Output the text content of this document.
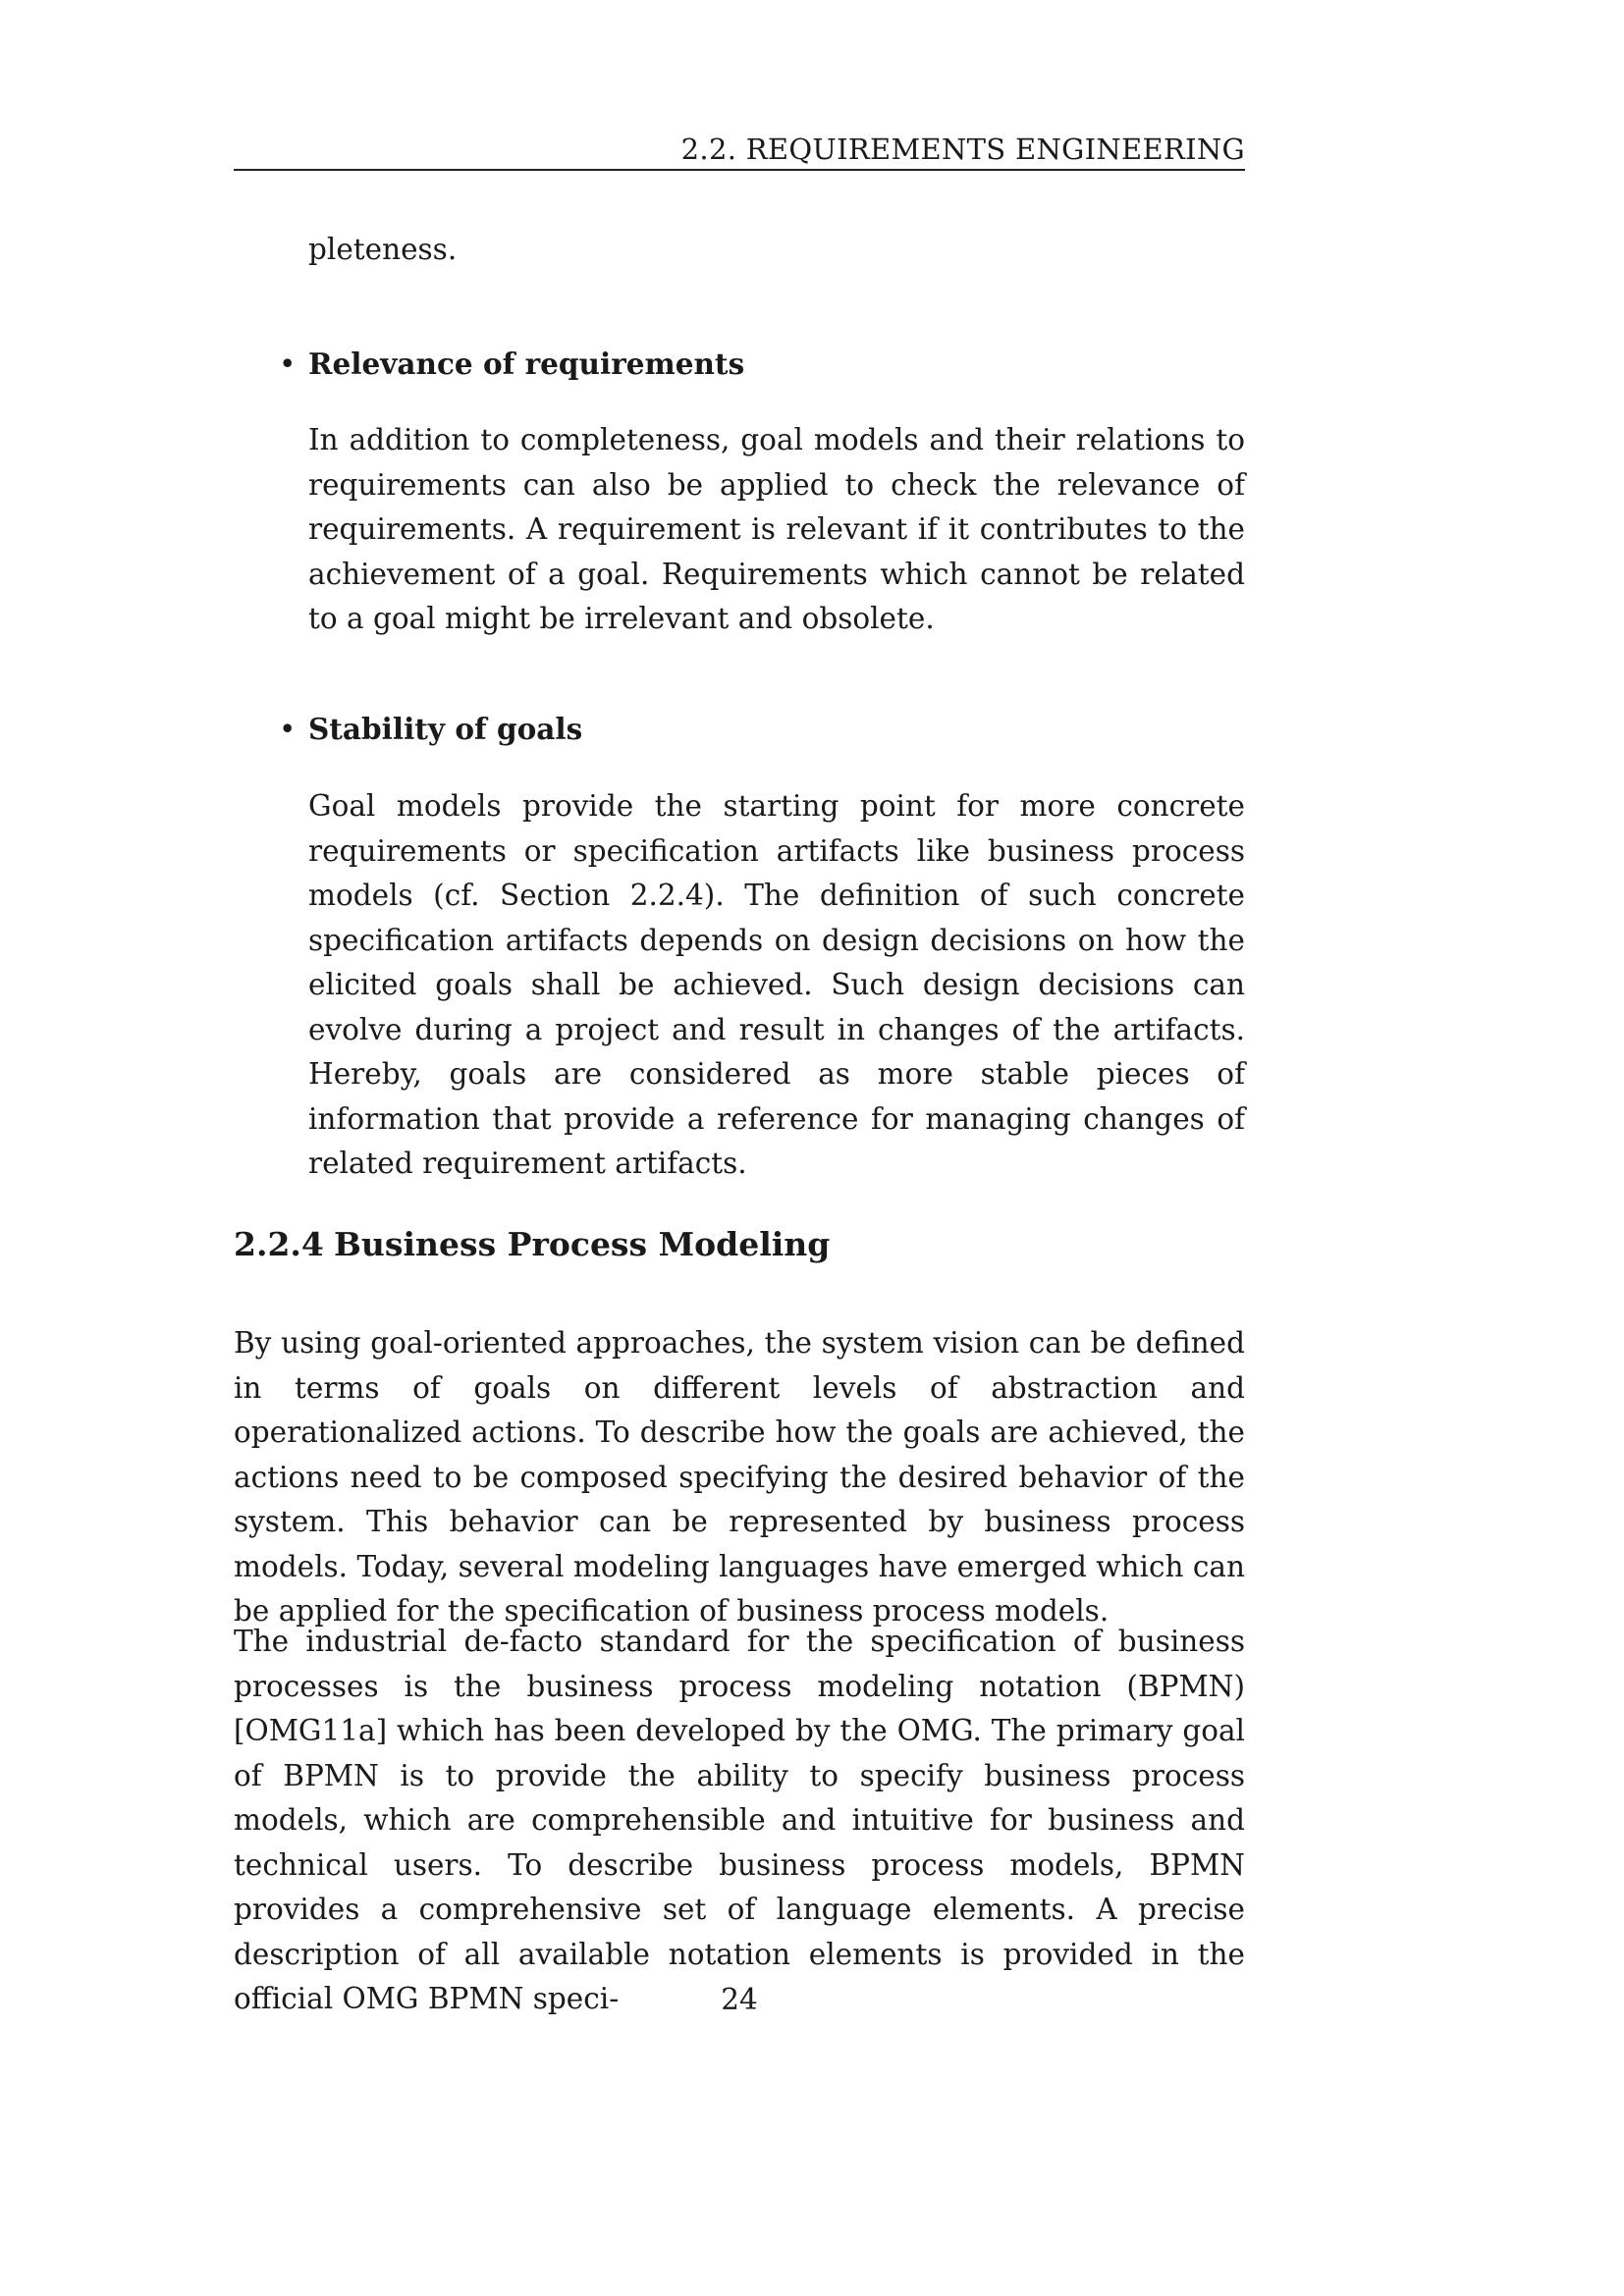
2.2. REQUIREMENTS ENGINEERING

pleteness.

• Relevance of requirements

In addition to completeness, goal models and their relations to requirements can also be applied to check the relevance of requirements. A requirement is relevant if it contributes to the achievement of a goal. Requirements which cannot be related to a goal might be irrelevant and obsolete.

• Stability of goals

Goal models provide the starting point for more concrete requirements or specification artifacts like business process models (cf. Section 2.2.4). The definition of such concrete specification artifacts depends on design decisions on how the elicited goals shall be achieved. Such design decisions can evolve during a project and result in changes of the artifacts. Hereby, goals are considered as more stable pieces of information that provide a reference for managing changes of related requirement artifacts.

2.2.4 Business Process Modeling

By using goal-oriented approaches, the system vision can be defined in terms of goals on different levels of abstraction and operationalized actions. To describe how the goals are achieved, the actions need to be composed specifying the desired behavior of the system. This behavior can be represented by business process models. Today, several modeling languages have emerged which can be applied for the specification of business process models.

The industrial de-facto standard for the specification of business processes is the business process modeling notation (BPMN) [OMG11a] which has been developed by the OMG. The primary goal of BPMN is to provide the ability to specify business process models, which are comprehensible and intuitive for business and technical users. To describe business process models, BPMN provides a comprehensive set of language elements. A precise description of all available notation elements is provided in the official OMG BPMN speci-	24
